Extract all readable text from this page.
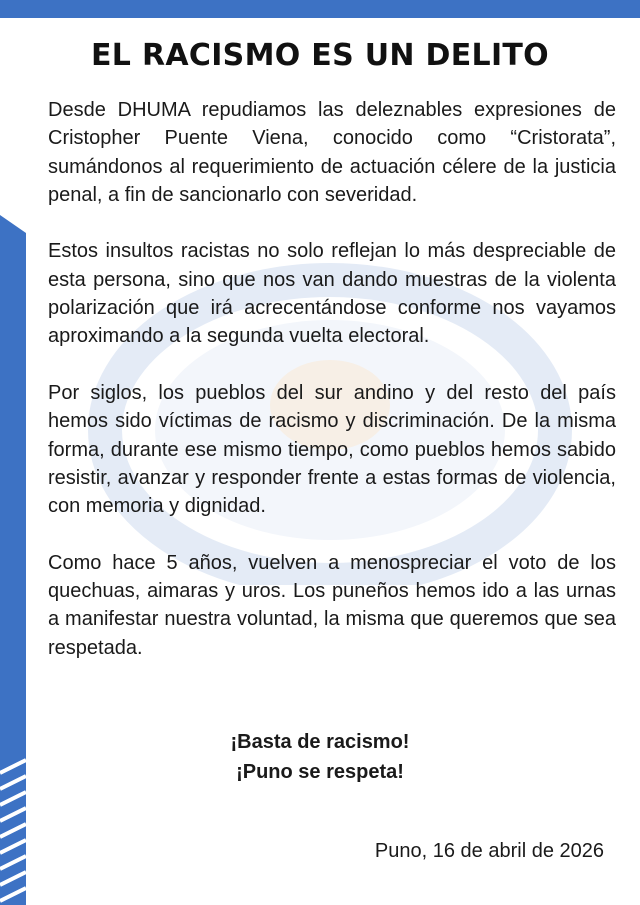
EL RACISMO ES UN DELITO

Desde DHUMA repudiamos las deleznables expresiones de Cristopher Puente Viena, conocido como “Cristorata”, sumándonos al requerimiento de actuación célere de la justicia penal, a fin de sancionarlo con severidad.

Estos insultos racistas no solo reflejan lo más despreciable de esta persona, sino que nos van dando muestras de la violenta polarización que irá acrecentándose conforme nos vayamos aproximando a la segunda vuelta electoral.

Por siglos, los pueblos del sur andino y del resto del país hemos sido víctimas de racismo y discriminación. De la misma forma, durante ese mismo tiempo, como pueblos hemos sabido resistir, avanzar y responder frente a estas formas de violencia, con memoria y dignidad.

Como hace 5 años, vuelven a menospreciar el voto de los quechuas, aimaras y uros. Los puneños hemos ido a las urnas a manifestar nuestra voluntad, la misma que queremos que sea respetada.

¡Basta de racismo!
¡Puno se respeta!
Puno, 16 de abril de 2026
